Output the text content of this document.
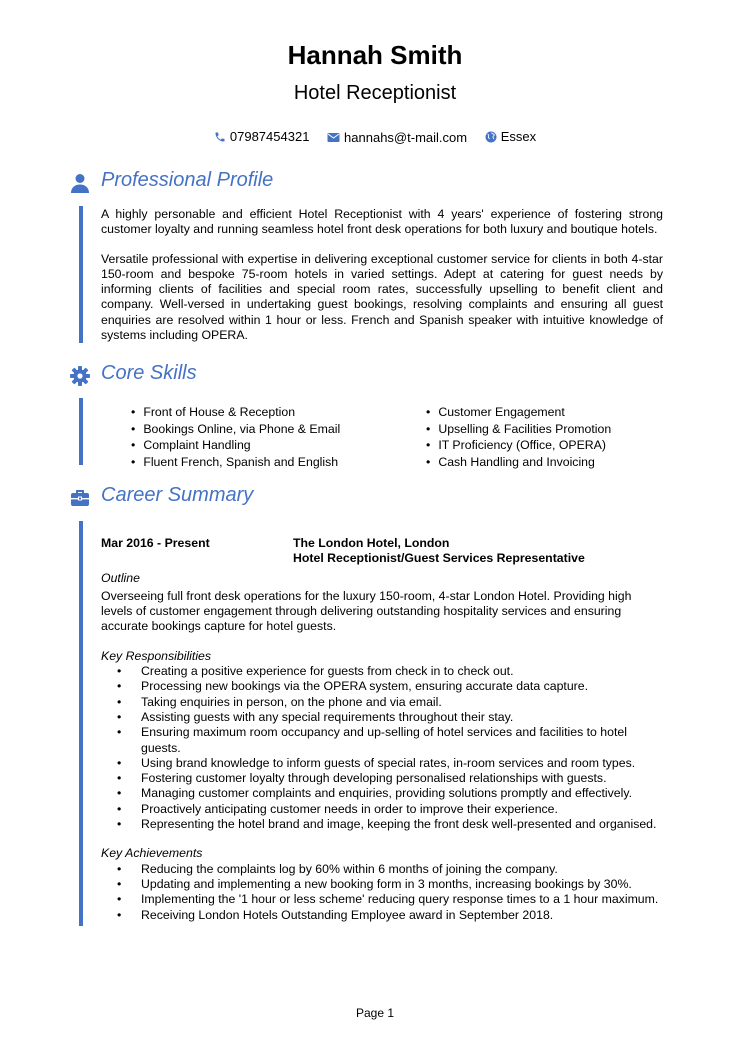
Hannah Smith
Hotel Receptionist
07987454321
	hannahs@t-mail.com
	Essex
Professional Profile

A highly personable and efficient Hotel Receptionist with 4 years' experience of fostering strong customer loyalty and running seamless hotel front desk operations for both luxury and boutique hotels.

Versatile professional with expertise in delivering exceptional customer service for clients in both 4-star 150-room and bespoke 75-room hotels in varied settings. Adept at catering for guest needs by informing clients of facilities and special room rates, successfully upselling to benefit client and company. Well-versed in undertaking guest bookings, resolving complaints and ensuring all guest enquiries are resolved within 1 hour or less. French and Spanish speaker with intuitive knowledge of systems including OPERA.

Core Skills
• Front of House & Reception
• Bookings Online, via Phone & Email
• Complaint Handling
• Fluent French, Spanish and English
• Customer Engagement
• Upselling & Facilities Promotion
• IT Proficiency (Office, OPERA)
• Cash Handling and Invoicing
Career Summary
Mar 2016 - Present	The London Hotel, London
Hotel Receptionist/Guest Services Representative

Outline

Overseeing full front desk operations for the luxury 150-room, 4-star London Hotel. Providing high levels of customer engagement through delivering outstanding hospitality services and ensuring accurate bookings capture for hotel guests.

Key Responsibilities

• Creating a positive experience for guests from check in to check out.
• Processing new bookings via the OPERA system, ensuring accurate data capture.
• Taking enquiries in person, on the phone and via email.
• Assisting guests with any special requirements throughout their stay.
• Ensuring maximum room occupancy and up-selling of hotel services and facilities to hotel guests.
• Using brand knowledge to inform guests of special rates, in-room services and room types.
• Fostering customer loyalty through developing personalised relationships with guests.
• Managing customer complaints and enquiries, providing solutions promptly and effectively.
• Proactively anticipating customer needs in order to improve their experience.
• Representing the hotel brand and image, keeping the front desk well-presented and organised.

Key Achievements

• Reducing the complaints log by 60% within 6 months of joining the company.
• Updating and implementing a new booking form in 3 months, increasing bookings by 30%.
• Implementing the '1 hour or less scheme' reducing query response times to a 1 hour maximum.
• Receiving London Hotels Outstanding Employee award in September 2018.
Page 1
